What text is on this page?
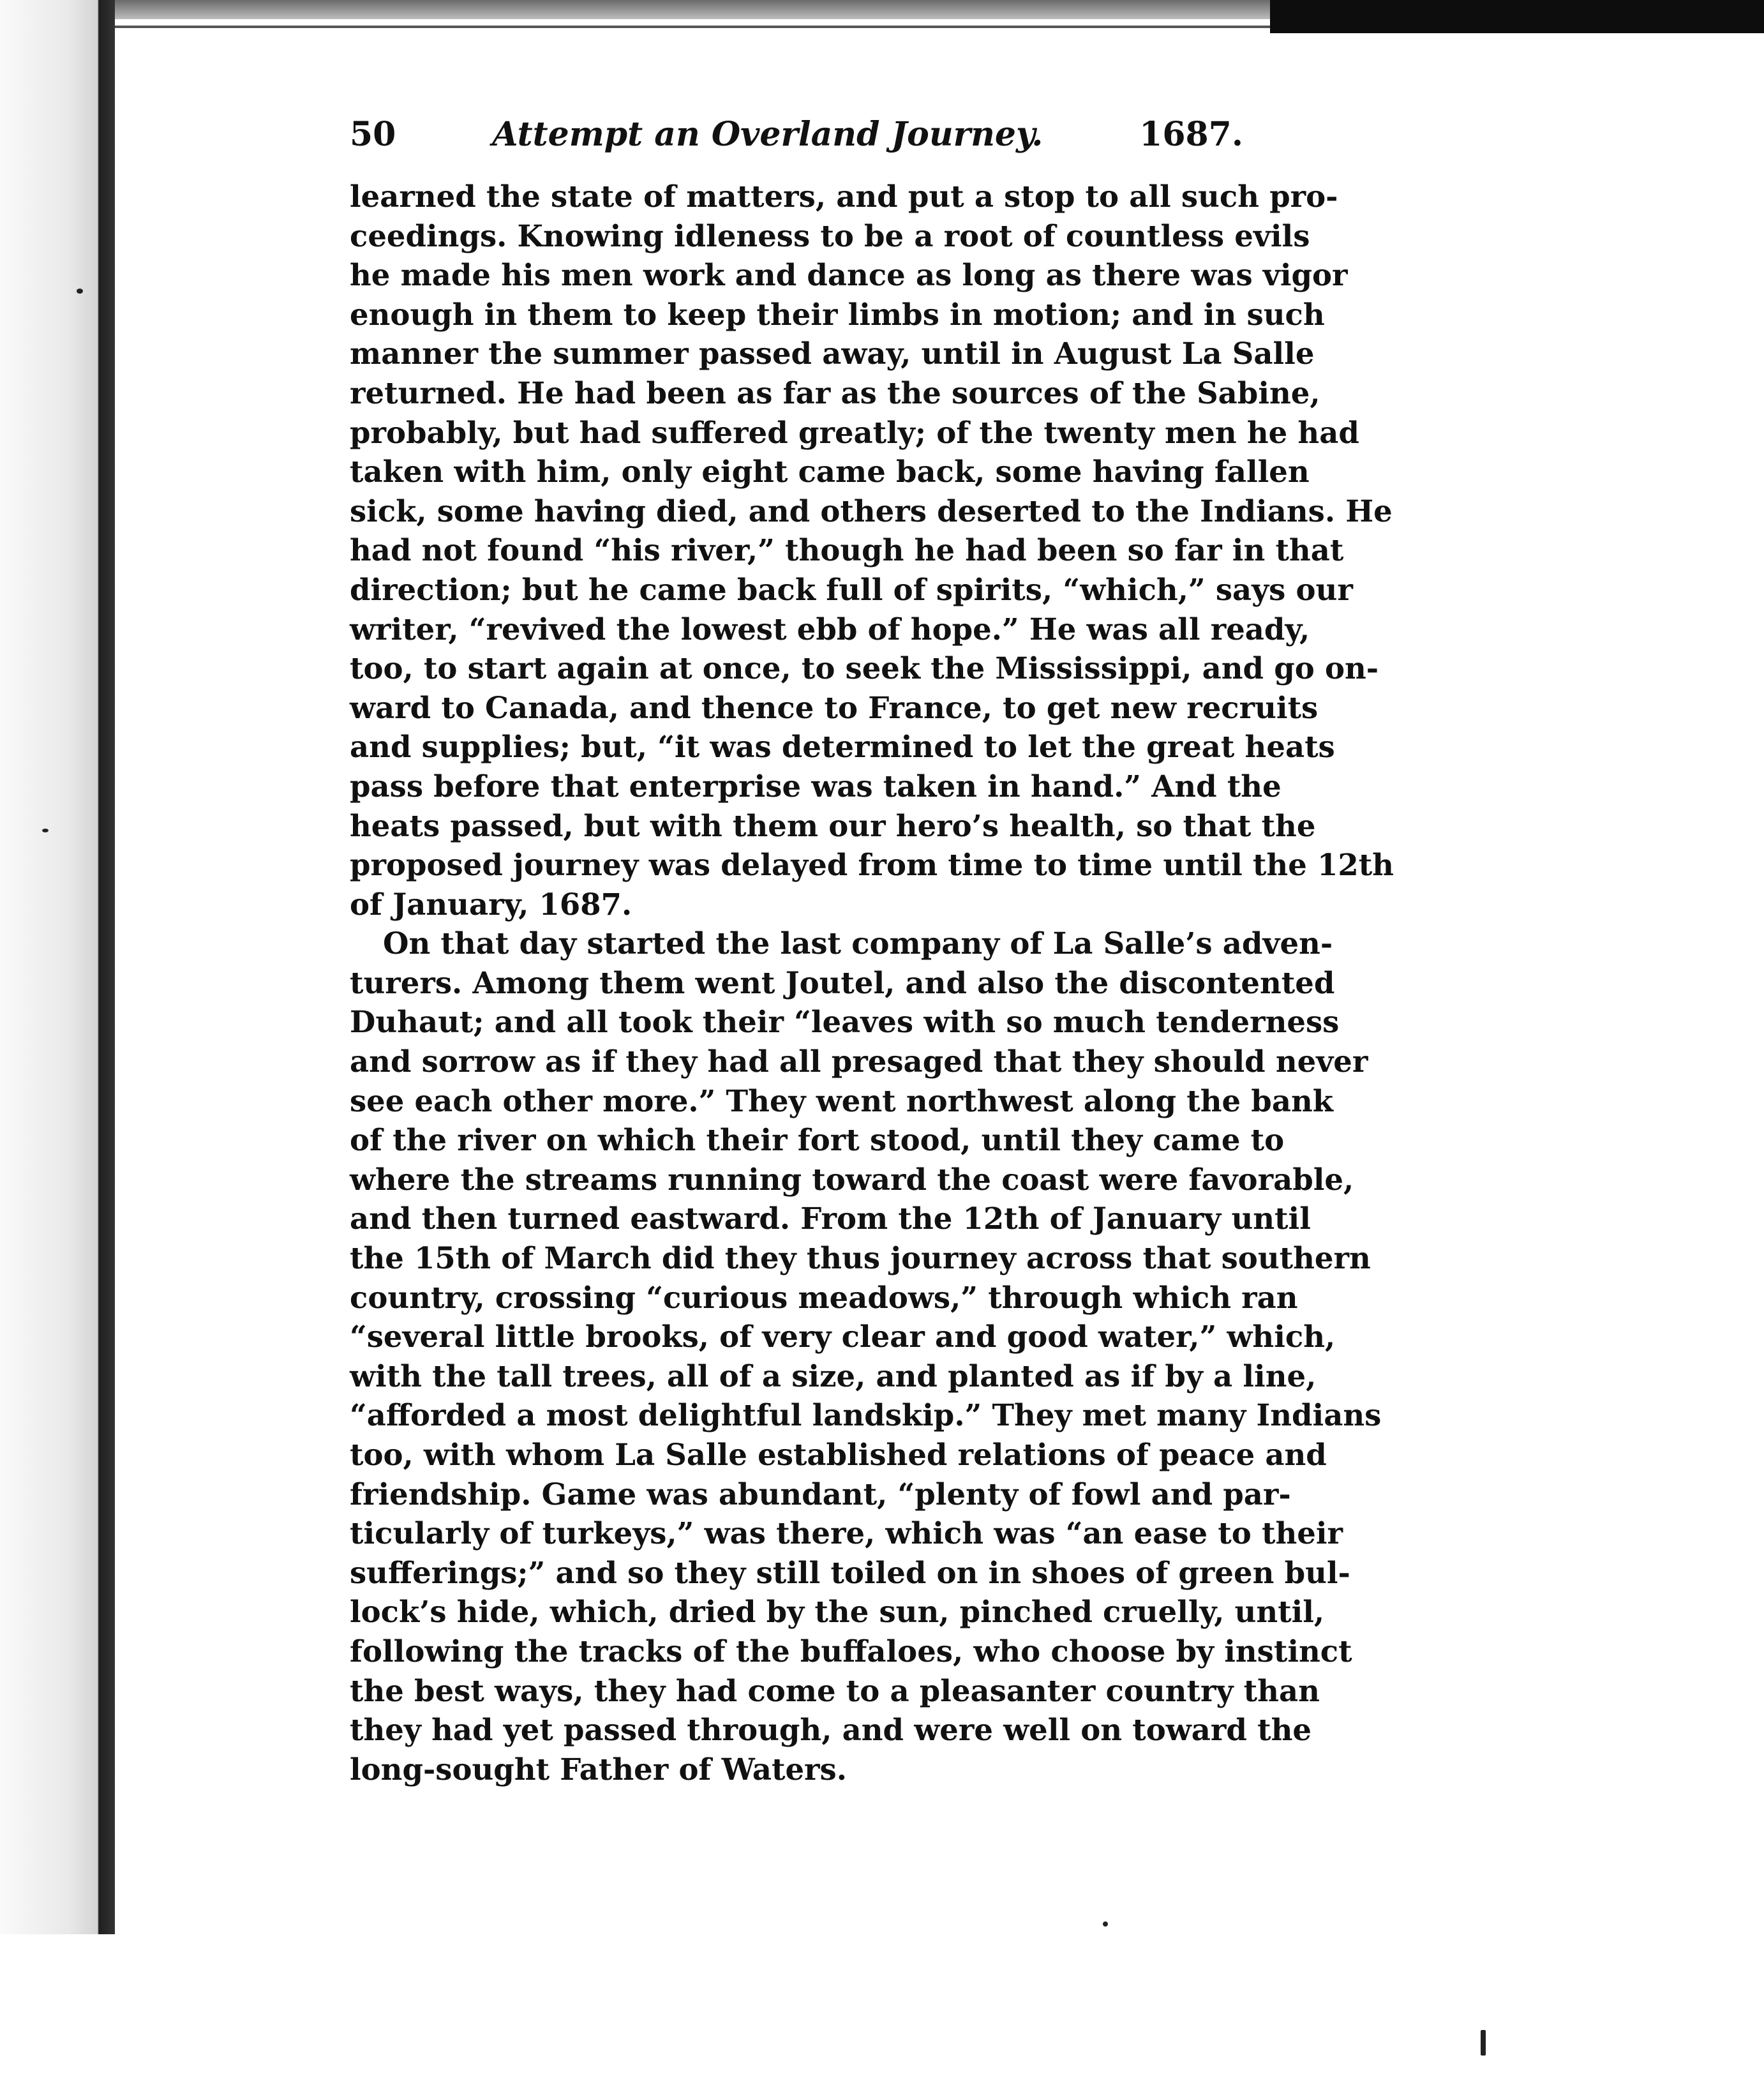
50	Attempt an Overland Journey.	1687.

learned the state of matters, and put a stop to all such pro-
ceedings. Knowing idleness to be a root of countless evils
he made his men work and dance as long as there was vigor
enough in them to keep their limbs in motion; and in such
manner the summer passed away, until in August La Salle
returned. He had been as far as the sources of the Sabine,
probably, but had suffered greatly; of the twenty men he had
taken with him, only eight came back, some having fallen
sick, some having died, and others deserted to the Indians. He
had not found “his river,” though he had been so far in that
direction; but he came back full of spirits, “which,” says our
writer, “revived the lowest ebb of hope.” He was all ready,
too, to start again at once, to seek the Mississippi, and go on-
ward to Canada, and thence to France, to get new recruits
and supplies; but, “it was determined to let the great heats
pass before that enterprise was taken in hand.” And the
heats passed, but with them our hero’s health, so that the
proposed journey was delayed from time to time until the 12th
of January, 1687.

On that day started the last company of La Salle’s adven-
turers. Among them went Joutel, and also the discontented
Duhaut; and all took their “leaves with so much tenderness
and sorrow as if they had all presaged that they should never
see each other more.” They went northwest along the bank
of the river on which their fort stood, until they came to
where the streams running toward the coast were favorable,
and then turned eastward. From the 12th of January until
the 15th of March did they thus journey across that southern
country, crossing “curious meadows,” through which ran
“several little brooks, of very clear and good water,” which,
with the tall trees, all of a size, and planted as if by a line,
“afforded a most delightful landskip.” They met many Indians
too, with whom La Salle established relations of peace and
friendship. Game was abundant, “plenty of fowl and par-
ticularly of turkeys,” was there, which was “an ease to their
sufferings;” and so they still toiled on in shoes of green bul-
lock’s hide, which, dried by the sun, pinched cruelly, until,
following the tracks of the buffaloes, who choose by instinct
the best ways, they had come to a pleasanter country than
they had yet passed through, and were well on toward the
long-sought Father of Waters.
